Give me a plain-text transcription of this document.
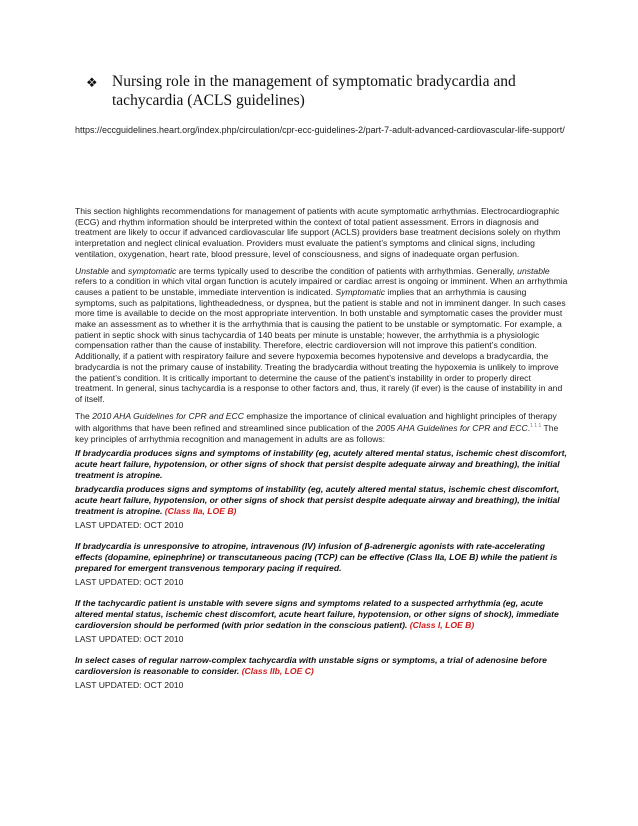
❖ Nursing role in the management of symptomatic bradycardia and tachycardia (ACLS guidelines)
https://eccguidelines.heart.org/index.php/circulation/cpr-ecc-guidelines-2/part-7-adult-advanced-cardiovascular-life-support/

This section highlights recommendations for management of patients with acute symptomatic arrhythmias. Electrocardiographic (ECG) and rhythm information should be interpreted within the context of total patient assessment. Errors in diagnosis and treatment are likely to occur if advanced cardiovascular life support (ACLS) providers base treatment decisions solely on rhythm interpretation and neglect clinical evaluation. Providers must evaluate the patient’s symptoms and clinical signs, including ventilation, oxygenation, heart rate, blood pressure, level of consciousness, and signs of inadequate organ perfusion.

Unstable and symptomatic are terms typically used to describe the condition of patients with arrhythmias. Generally, unstable refers to a condition in which vital organ function is acutely impaired or cardiac arrest is ongoing or imminent. When an arrhythmia causes a patient to be unstable, immediate intervention is indicated. Symptomatic implies that an arrhythmia is causing symptoms, such as palpitations, lightheadedness, or dyspnea, but the patient is stable and not in imminent danger. In such cases more time is available to decide on the most appropriate intervention. In both unstable and symptomatic cases the provider must make an assessment as to whether it is the arrhythmia that is causing the patient to be unstable or symptomatic. For example, a patient in septic shock with sinus tachycardia of 140 beats per minute is unstable; however, the arrhythmia is a physiologic compensation rather than the cause of instability. Therefore, electric cardioversion will not improve this patient’s condition. Additionally, if a patient with respiratory failure and severe hypoxemia becomes hypotensive and develops a bradycardia, the bradycardia is not the primary cause of instability. Treating the bradycardia without treating the hypoxemia is unlikely to improve the patient’s condition. It is critically important to determine the cause of the patient’s instability in order to properly direct treatment. In general, sinus tachycardia is a response to other factors and, thus, it rarely (if ever) is the cause of instability in and of itself.

The 2010 AHA Guidelines for CPR and ECC emphasize the importance of clinical evaluation and highlight principles of therapy with algorithms that have been refined and streamlined since publication of the 2005 AHA Guidelines for CPR and ECC.$^{1 1 1}$ The key principles of arrhythmia recognition and management in adults are as follows:

If bradycardia produces signs and symptoms of instability (eg, acutely altered mental status, ischemic chest discomfort, acute heart failure, hypotension, or other signs of shock that persist despite adequate airway and breathing), the initial treatment is atropine.

bradycardia produces signs and symptoms of instability (eg, acutely altered mental status, ischemic chest discomfort, acute heart failure, hypotension, or other signs of shock that persist despite adequate airway and breathing), the initial treatment is atropine. (Class IIa, LOE B)

LAST UPDATED: OCT 2010

If bradycardia is unresponsive to atropine, intravenous (IV) infusion of β-adrenergic agonists with rate-accelerating effects (dopamine, epinephrine) or transcutaneous pacing (TCP) can be effective (Class IIa, LOE B) while the patient is prepared for emergent transvenous temporary pacing if required.

LAST UPDATED: OCT 2010

If the tachycardic patient is unstable with severe signs and symptoms related to a suspected arrhythmia (eg, acute altered mental status, ischemic chest discomfort, acute heart failure, hypotension, or other signs of shock), immediate cardioversion should be performed (with prior sedation in the conscious patient). (Class I, LOE B)

LAST UPDATED: OCT 2010

In select cases of regular narrow-complex tachycardia with unstable signs or symptoms, a trial of adenosine before cardioversion is reasonable to consider. (Class IIb, LOE C)

LAST UPDATED: OCT 2010
